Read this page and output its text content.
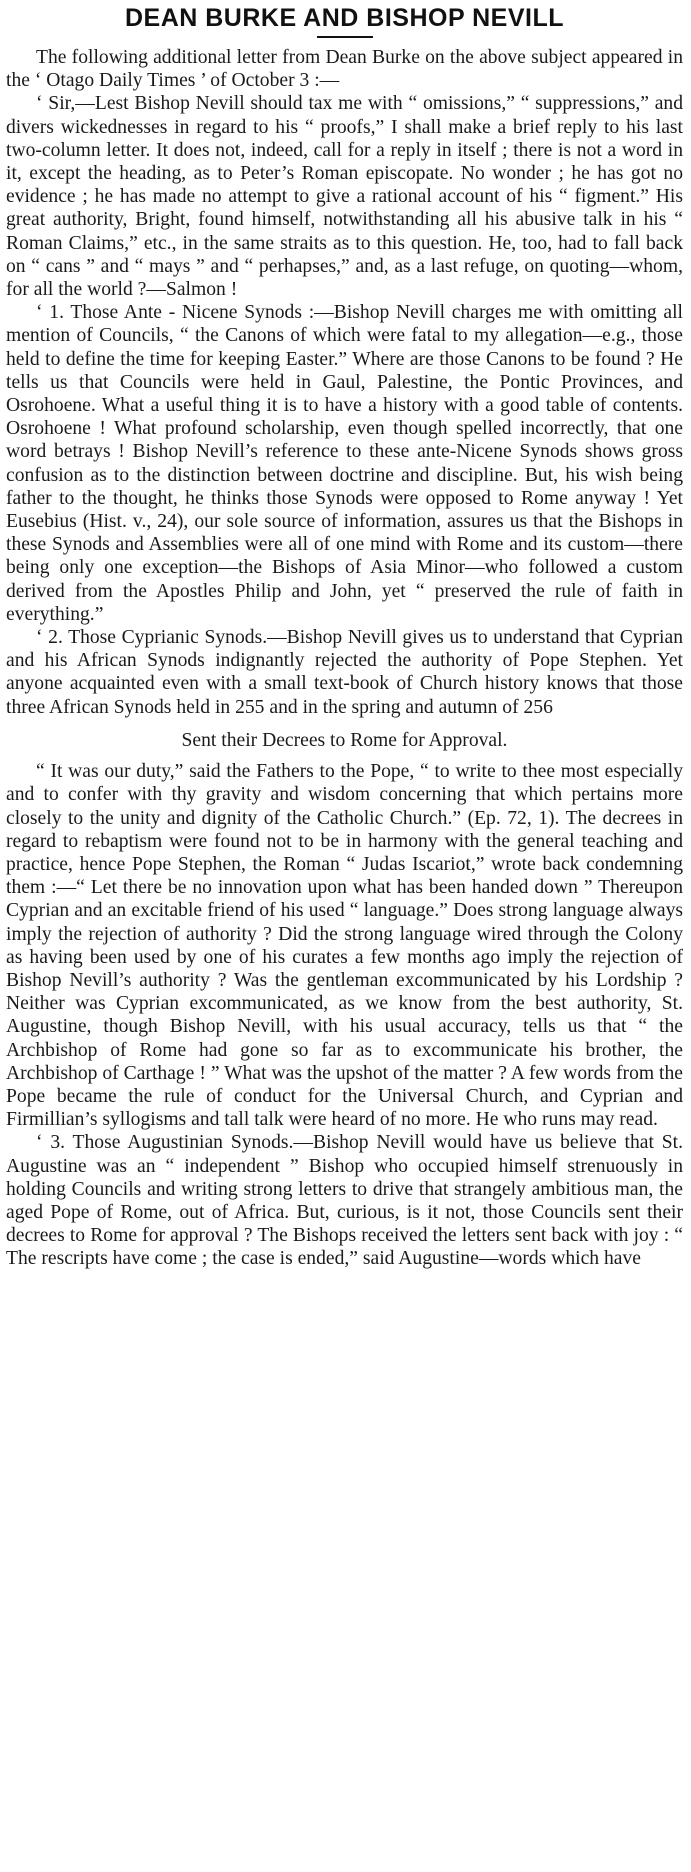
DEAN BURKE AND BISHOP NEVILL

The following additional letter from Dean Burke on the above subject appeared in the ‘ Otago Daily Times ’ of October 3 :—

‘ Sir,—Lest Bishop Nevill should tax me with “ omissions,” “ suppressions,” and divers wickednesses in regard to his “ proofs,” I shall make a brief reply to his last two-column letter. It does not, indeed, call for a reply in itself ; there is not a word in it, except the heading, as to Peter’s Roman episcopate. No wonder ; he has got no evidence ; he has made no attempt to give a rational account of his “ figment.” His great authority, Bright, found himself, notwithstanding all his abusive talk in his “ Roman Claims,” etc., in the same straits as to this question. He, too, had to fall back on “ cans ” and “ mays ” and “ perhapses,” and, as a last refuge, on quoting—whom, for all the world ?—Salmon !

‘ 1. Those Ante - Nicene Synods :—Bishop Nevill charges me with omitting all mention of Councils, “ the Canons of which were fatal to my allegation—e.g., those held to define the time for keeping Easter.” Where are those Canons to be found ? He tells us that Councils were held in Gaul, Palestine, the Pontic Provinces, and Osrohoene. What a useful thing it is to have a history with a good table of contents. Osrohoene ! What profound scholarship, even though spelled incorrectly, that one word betrays ! Bishop Nevill’s reference to these ante-Nicene Synods shows gross confusion as to the distinction between doctrine and discipline. But, his wish being father to the thought, he thinks those Synods were opposed to Rome anyway ! Yet Eusebius (Hist. v., 24), our sole source of information, assures us that the Bishops in these Synods and Assemblies were all of one mind with Rome and its custom—there being only one exception—the Bishops of Asia Minor—who followed a custom derived from the Apostles Philip and John, yet “ preserved the rule of faith in everything.”

‘ 2. Those Cyprianic Synods.—Bishop Nevill gives us to understand that Cyprian and his African Synods indignantly rejected the authority of Pope Stephen. Yet anyone acquainted even with a small text-book of Church history knows that those three African Synods held in 255 and in the spring and autumn of 256

Sent their Decrees to Rome for Approval.

“ It was our duty,” said the Fathers to the Pope, “ to write to thee most especially and to confer with thy gravity and wisdom concerning that which pertains more closely to the unity and dignity of the Catholic Church.” (Ep. 72, 1). The decrees in regard to rebaptism were found not to be in harmony with the general teaching and practice, hence Pope Stephen, the Roman “ Judas Iscariot,” wrote back condemning them :—“ Let there be no innovation upon what has been handed down ” Thereupon Cyprian and an excitable friend of his used “ language.” Does strong language always imply the rejection of authority ? Did the strong language wired through the Colony as having been used by one of his curates a few months ago imply the rejection of Bishop Nevill’s authority ? Was the gentleman excommunicated by his Lordship ? Neither was Cyprian excommunicated, as we know from the best authority, St. Augustine, though Bishop Nevill, with his usual accuracy, tells us that “ the Archbishop of Rome had gone so far as to excommunicate his brother, the Archbishop of Carthage ! ” What was the upshot of the matter ? A few words from the Pope became the rule of conduct for the Universal Church, and Cyprian and Firmillian’s syllogisms and tall talk were heard of no more. He who runs may read.

‘ 3. Those Augustinian Synods.—Bishop Nevill would have us believe that St. Augustine was an “ independent ” Bishop who occupied himself strenuously in holding Councils and writing strong letters to drive that strangely ambitious man, the aged Pope of Rome, out of Africa. But, curious, is it not, those Councils sent their decrees to Rome for approval ? The Bishops received the letters sent back with joy : “ The rescripts have come ; the case is ended,” said Augustine—words which have
